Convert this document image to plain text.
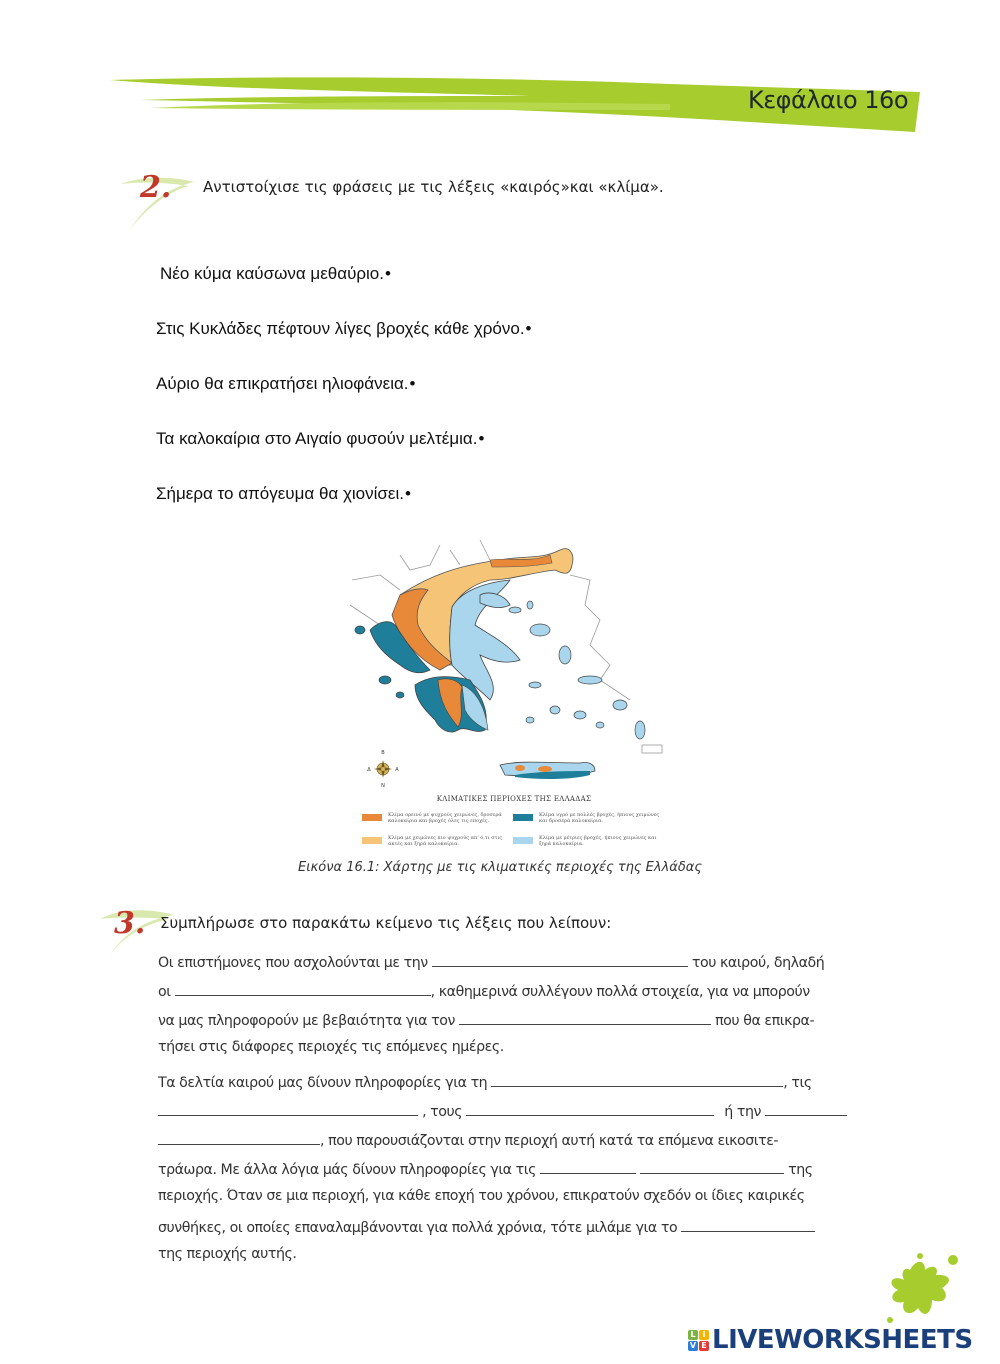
Κεφάλαιο 16ο
2. Αντιστοίχισε τις φράσεις με τις λέξεις «καιρός»και «κλίμα».
Νέο κύμα καύσωνα μεθαύριο.•
Στις Κυκλάδες πέφτουν λίγες βροχές κάθε χρόνο.•
Αύριο θα επικρατήσει ηλιοφάνεια.•
Τα καλοκαίρια στο Αιγαίο φυσούν μελτέμια.•
Σήμερα το απόγευμα θα χιονίσει.•
Β
Δ	Α
Ν
ΚΛΙΜΑΤΙΚΕΣ ΠΕΡΙΟΧΕΣ ΤΗΣ ΕΛΛΑΔΑΣ
Κλίμα ορεινό με ψυχρούς χειμώνες, δροσερά καλοκαίρια και βροχές όλες τις εποχές.
Κλίμα υγρό με πολλές βροχές, ήπιους χειμώνες και δροσερά καλοκαίρια.
Κλίμα με χειμώνες πιο ψυχρούς απ' ό,τι στις ακτές και ξηρά καλοκαίρια.
Κλίμα με μέτριες βροχές, ήπιους χειμώνες και ξηρά καλοκαίρια.
Εικόνα 16.1: Χάρτης με τις κλιματικές περιοχές της Ελλάδας
3. Συμπλήρωσε στο παρακάτω κείμενο τις λέξεις που λείπουν:
Οι επιστήμονες που ασχολούνται με την	του καιρού, δηλαδή
οι	, καθημερινά συλλέγουν πολλά στοιχεία, για να μπορούν
να μας πληροφορούν με βεβαιότητα για τον	που θα επικρα-
τήσει στις διάφορες περιοχές τις επόμενες ημέρες.
Τα δελτία καιρού μας δίνουν πληροφορίες για τη	, τις
, τους	ή την
, που παρουσιάζονται στην περιοχή αυτή κατά τα επόμενα εικοσιτε-
τράωρα. Με άλλα λόγια μάς δίνουν πληροφορίες για τις	της
περιοχής. Όταν σε μια περιοχή, για κάθε εποχή του χρόνου, επικρατούν σχεδόν οι ίδιες καιρικές
συνθήκες, οι οποίες επαναλαμβάνονται για πολλά χρόνια, τότε μιλάμε για το
της περιοχής αυτής.
L I
V E LIVEWORKSHEETS
